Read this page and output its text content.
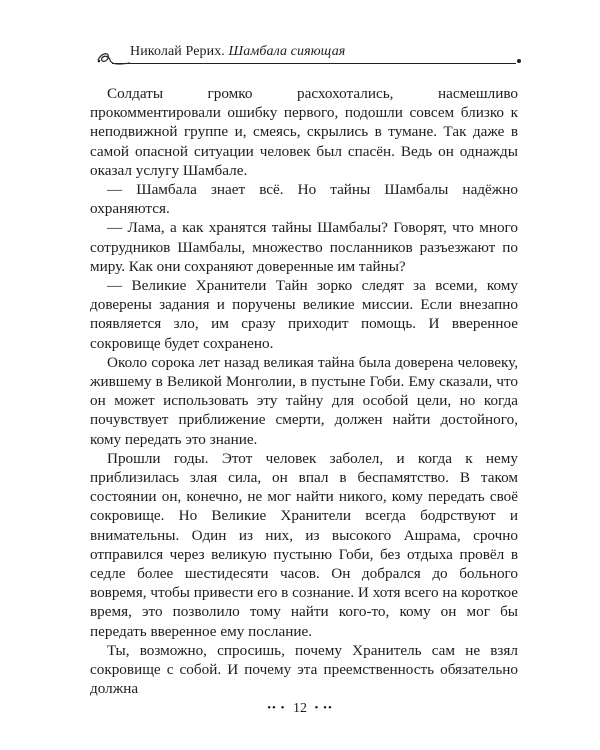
Николай Рерих. Шамбала сияющая

Солдаты громко расхохотались, насмешливо прокомментировали ошибку первого, подошли совсем близко к неподвижной группе и, смеясь, скрылись в тумане. Так даже в самой опасной ситуации человек был спасён. Ведь он однажды оказал услугу Шамбале.

— Шамбала знает всё. Но тайны Шамбалы надёжно охраняются.

— Лама, а как хранятся тайны Шамбалы? Говорят, что много сотрудников Шамбалы, множество посланников разъезжают по миру. Как они сохраняют доверенные им тайны?

— Великие Хранители Тайн зорко следят за всеми, кому доверены задания и поручены великие миссии. Если внезапно появляется зло, им сразу приходит помощь. И вверенное сокровище будет сохранено.

Около сорока лет назад великая тайна была доверена человеку, жившему в Великой Монголии, в пустыне Гоби. Ему сказали, что он может использовать эту тайну для особой цели, но когда почувствует приближение смерти, должен найти достойного, кому передать это знание.

Прошли годы. Этот человек заболел, и когда к нему приблизилась злая сила, он впал в беспамятство. В таком состоянии он, конечно, не мог найти никого, кому передать своё сокровище. Но Великие Хранители всегда бодрствуют и внимательны. Один из них, из высокого Ашрама, срочно отправился через великую пустыню Гоби, без отдыха провёл в седле более шестидесяти часов. Он добрался до больного вовремя, чтобы привести его в сознание. И хотя всего на короткое время, это позволило тому найти кого-то, кому он мог бы передать вверенное ему послание.

Ты, возможно, спросишь, почему Хранитель сам не взял сокровище с собой. И почему эта преемственность обязательно должна

•• • 12 • ••
